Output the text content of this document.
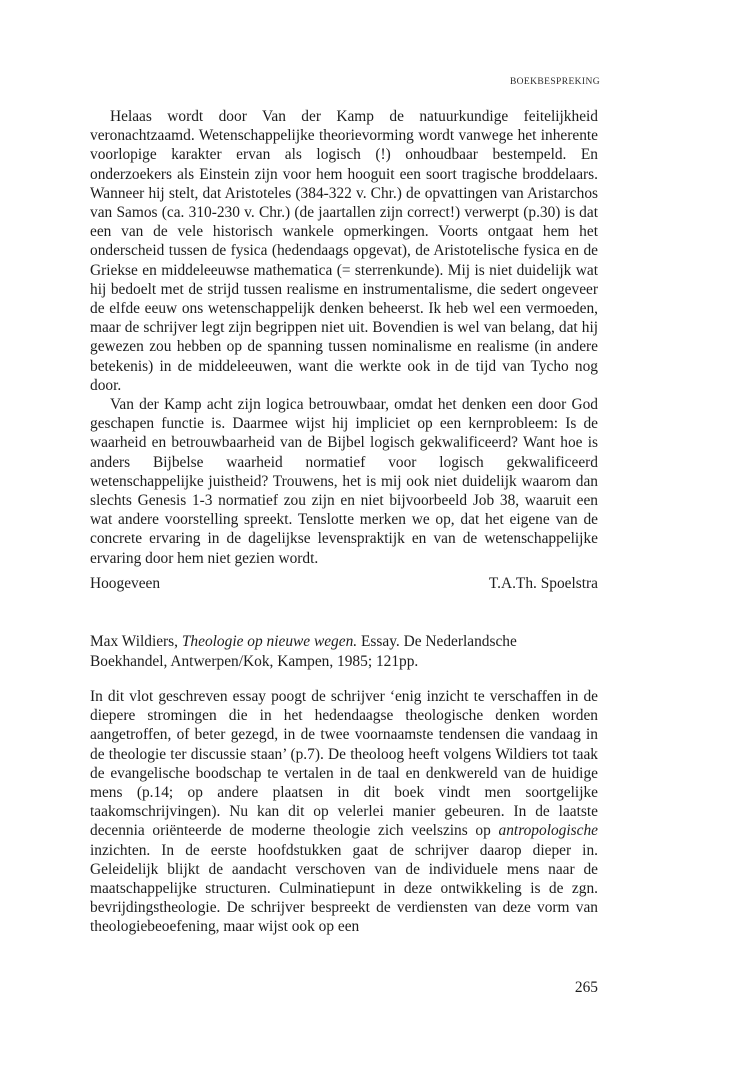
BOEKBESPREKING

Helaas wordt door Van der Kamp de natuurkundige feitelijkheid veronachtzaamd. Wetenschappelijke theorievorming wordt vanwege het inherente voorlopige karakter ervan als logisch (!) onhoudbaar bestempeld. En onderzoekers als Einstein zijn voor hem hooguit een soort tragische broddelaars. Wanneer hij stelt, dat Aristoteles (384-322 v. Chr.) de opvattingen van Aristarchos van Samos (ca. 310-230 v. Chr.) (de jaartallen zijn correct!) verwerpt (p.30) is dat een van de vele historisch wankele opmerkingen. Voorts ontgaat hem het onderscheid tussen de fysica (hedendaags opgevat), de Aristotelische fysica en de Griekse en middeleeuwse mathematica (= sterrenkunde). Mij is niet duidelijk wat hij bedoelt met de strijd tussen realisme en instrumentalisme, die sedert ongeveer de elfde eeuw ons wetenschappelijk denken beheerst. Ik heb wel een vermoeden, maar de schrijver legt zijn begrippen niet uit. Bovendien is wel van belang, dat hij gewezen zou hebben op de spanning tussen nominalisme en realisme (in andere betekenis) in de middeleeuwen, want die werkte ook in de tijd van Tycho nog door.

Van der Kamp acht zijn logica betrouwbaar, omdat het denken een door God geschapen functie is. Daarmee wijst hij impliciet op een kernprobleem: Is de waarheid en betrouwbaarheid van de Bijbel logisch gekwalificeerd? Want hoe is anders Bijbelse waarheid normatief voor logisch gekwalificeerd wetenschappelijke juistheid? Trouwens, het is mij ook niet duidelijk waarom dan slechts Genesis 1-3 normatief zou zijn en niet bijvoorbeeld Job 38, waaruit een wat andere voorstelling spreekt. Tenslotte merken we op, dat het eigene van de concrete ervaring in de dagelijkse levenspraktijk en van de wetenschappelijke ervaring door hem niet gezien wordt.

Hoogeveen	T.A.Th. Spoelstra

Max Wildiers, Theologie op nieuwe wegen. Essay. De Nederlandsche Boekhandel, Antwerpen/Kok, Kampen, 1985; 121pp.

In dit vlot geschreven essay poogt de schrijver ‘enig inzicht te verschaffen in de diepere stromingen die in het hedendaagse theologische denken worden aangetroffen, of beter gezegd, in de twee voornaamste tendensen die vandaag in de theologie ter discussie staan’ (p.7). De theoloog heeft volgens Wildiers tot taak de evangelische boodschap te vertalen in de taal en denkwereld van de huidige mens (p.14; op andere plaatsen in dit boek vindt men soortgelijke taakomschrijvingen). Nu kan dit op velerlei manier gebeuren. In de laatste decennia oriënteerde de moderne theologie zich veelszins op antropologische inzichten. In de eerste hoofdstukken gaat de schrijver daarop dieper in. Geleidelijk blijkt de aandacht verschoven van de individuele mens naar de maatschappelijke structuren. Culminatiepunt in deze ontwikkeling is de zgn. bevrijdingstheologie. De schrijver bespreekt de verdiensten van deze vorm van theologiebeoefening, maar wijst ook op een

265
